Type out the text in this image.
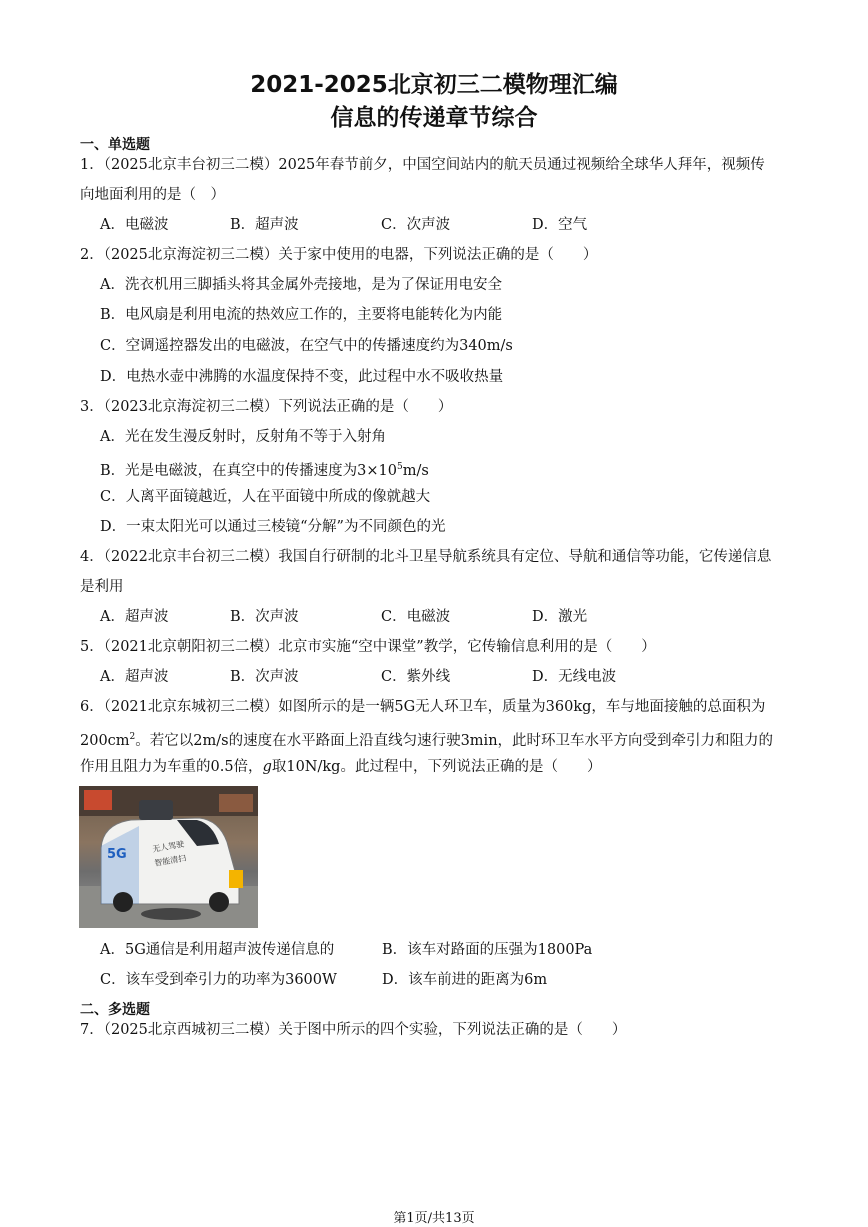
2021-2025北京初三二模物理汇编
信息的传递章节综合
一、单选题
1．（2025北京丰台初三二模）2025年春节前夕，中国空间站内的航天员通过视频给全球华人拜年，视频传
向地面利用的是（　）
A．电磁波	B．超声波	C．次声波	D．空气
2．（2025北京海淀初三二模）关于家中使用的电器，下列说法正确的是（　　）
A．洗衣机用三脚插头将其金属外壳接地，是为了保证用电安全
B．电风扇是利用电流的热效应工作的，主要将电能转化为内能
C．空调遥控器发出的电磁波，在空气中的传播速度约为340m/s
D．电热水壶中沸腾的水温度保持不变，此过程中水不吸收热量
3．（2023北京海淀初三二模）下列说法正确的是（　　）
A．光在发生漫反射时，反射角不等于入射角
B．光是电磁波，在真空中的传播速度为$3\times 10^5m/s$
C．人离平面镜越近，人在平面镜中所成的像就越大
D．一束太阳光可以通过三棱镜“分解”为不同颜色的光
4．（2022北京丰台初三二模）我国自行研制的北斗卫星导航系统具有定位、导航和通信等功能，它传递信息
是利用
A．超声波	B．次声波	C．电磁波	D．激光
5．（2021北京朝阳初三二模）北京市实施“空中课堂”教学，它传输信息利用的是（　　）
A．超声波	B．次声波	C．紫外线	D．无线电波
6．（2021北京东城初三二模）如图所示的是一辆5G无人环卫车，质量为360kg，车与地面接触的总面积为
$200cm^2$。若它以2m/s的速度在水平路面上沿直线匀速行驶3min，此时环卫车水平方向受到牵引力和阻力的
作用且阻力为车重的0.5倍，g取10N/kg。此过程中，下列说法正确的是（　　）
5G
无人驾驶
智能清扫
A．5G通信是利用超声波传递信息的	B．该车对路面的压强为1800Pa
C．该车受到牵引力的功率为3600W	D．该车前进的距离为6m
二、多选题
7．（2025北京西城初三二模）关于图中所示的四个实验，下列说法正确的是（　　）
第1页/共13页
